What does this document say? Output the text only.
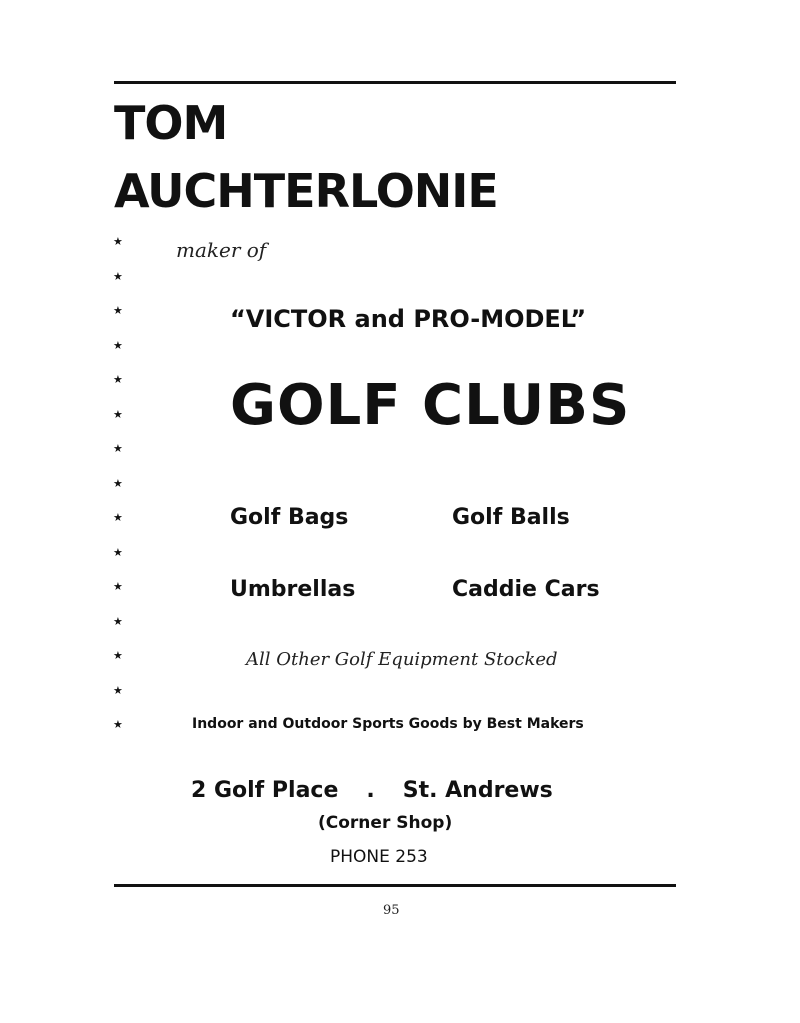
TOM
AUCHTERLONIE
★
★
★
★
★
★
★
★
★
★
★
★
★
★
★
maker of
“VICTOR and PRO-MODEL”
GOLF CLUBS
Golf Bags	Golf Balls
Umbrellas	Caddie Cars
All Other Golf Equipment Stocked
Indoor and Outdoor Sports Goods by Best Makers
2 Golf Place . St. Andrews
(Corner Shop)
PHONE 253
95
